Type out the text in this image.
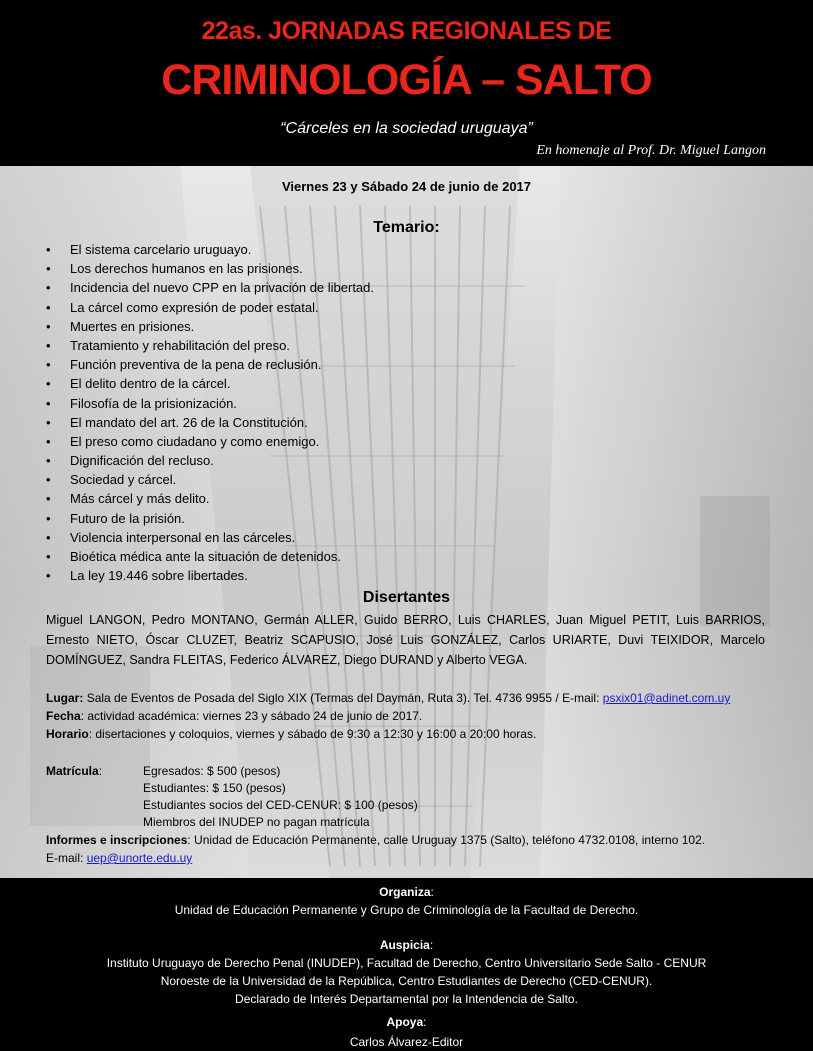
22as. JORNADAS REGIONALES DE
CRIMINOLOGÍA – SALTO
“Cárceles en la sociedad uruguaya”
En homenaje al Prof. Dr. Miguel Langon
Viernes 23 y Sábado 24 de junio de 2017
Temario:
• El sistema carcelario uruguayo.
• Los derechos humanos en las prisiones.
• Incidencia del nuevo CPP en la privación de libertad.
• La cárcel como expresión de poder estatal.
• Muertes en prisiones.
• Tratamiento y rehabilitación del preso.
• Función preventiva de la pena de reclusión.
• El delito dentro de la cárcel.
• Filosofía de la prisionización.
• El mandato del art. 26 de la Constitución.
• El preso como ciudadano y como enemigo.
• Dignificación del recluso.
• Sociedad y cárcel.
• Más cárcel y más delito.
• Futuro de la prisión.
• Violencia interpersonal en las cárceles.
• Bioética médica ante la situación de detenidos.
• La ley 19.446 sobre libertades.
Disertantes
Miguel LANGON, Pedro MONTANO, Germán ALLER, Guido BERRO, Luis CHARLES, Juan Miguel PETIT, Luis BARRIOS, Ernesto NIETO, Óscar CLUZET, Beatriz SCAPUSIO, José Luis GONZÁLEZ, Carlos URIARTE, Duvi TEIXIDOR, Marcelo DOMÍNGUEZ, Sandra FLEITAS, Federico ÁLVAREZ, Diego DURAND y Alberto VEGA.
Lugar: Sala de Eventos de Posada del Siglo XIX (Termas del Daymán, Ruta 3). Tel. 4736 9955 / E-mail: psxix01@adinet.com.uy
Fecha: actividad académica: viernes 23 y sábado 24 de junio de 2017.
Horario: disertaciones y coloquios, viernes y sábado de 9:30 a 12:30 y 16:00 a 20:00 horas.
Matrícula:	Egresados: $ 500 (pesos)
Estudiantes: $ 150 (pesos)
Estudiantes socios del CED-CENUR: $ 100 (pesos)
Miembros del INUDEP no pagan matrícula
Informes e inscripciones: Unidad de Educación Permanente, calle Uruguay 1375 (Salto), teléfono 4732.0108, interno 102.
E-mail: uep@unorte.edu.uy
Organiza:
Unidad de Educación Permanente y Grupo de Criminología de la Facultad de Derecho.
Auspicia:
Instituto Uruguayo de Derecho Penal (INUDEP), Facultad de Derecho, Centro Universitario Sede Salto - CENUR
Noroeste de la Universidad de la República, Centro Estudiantes de Derecho (CED-CENUR).
Declarado de Interés Departamental por la Intendencia de Salto.
Apoya:
Carlos Álvarez-Editor
